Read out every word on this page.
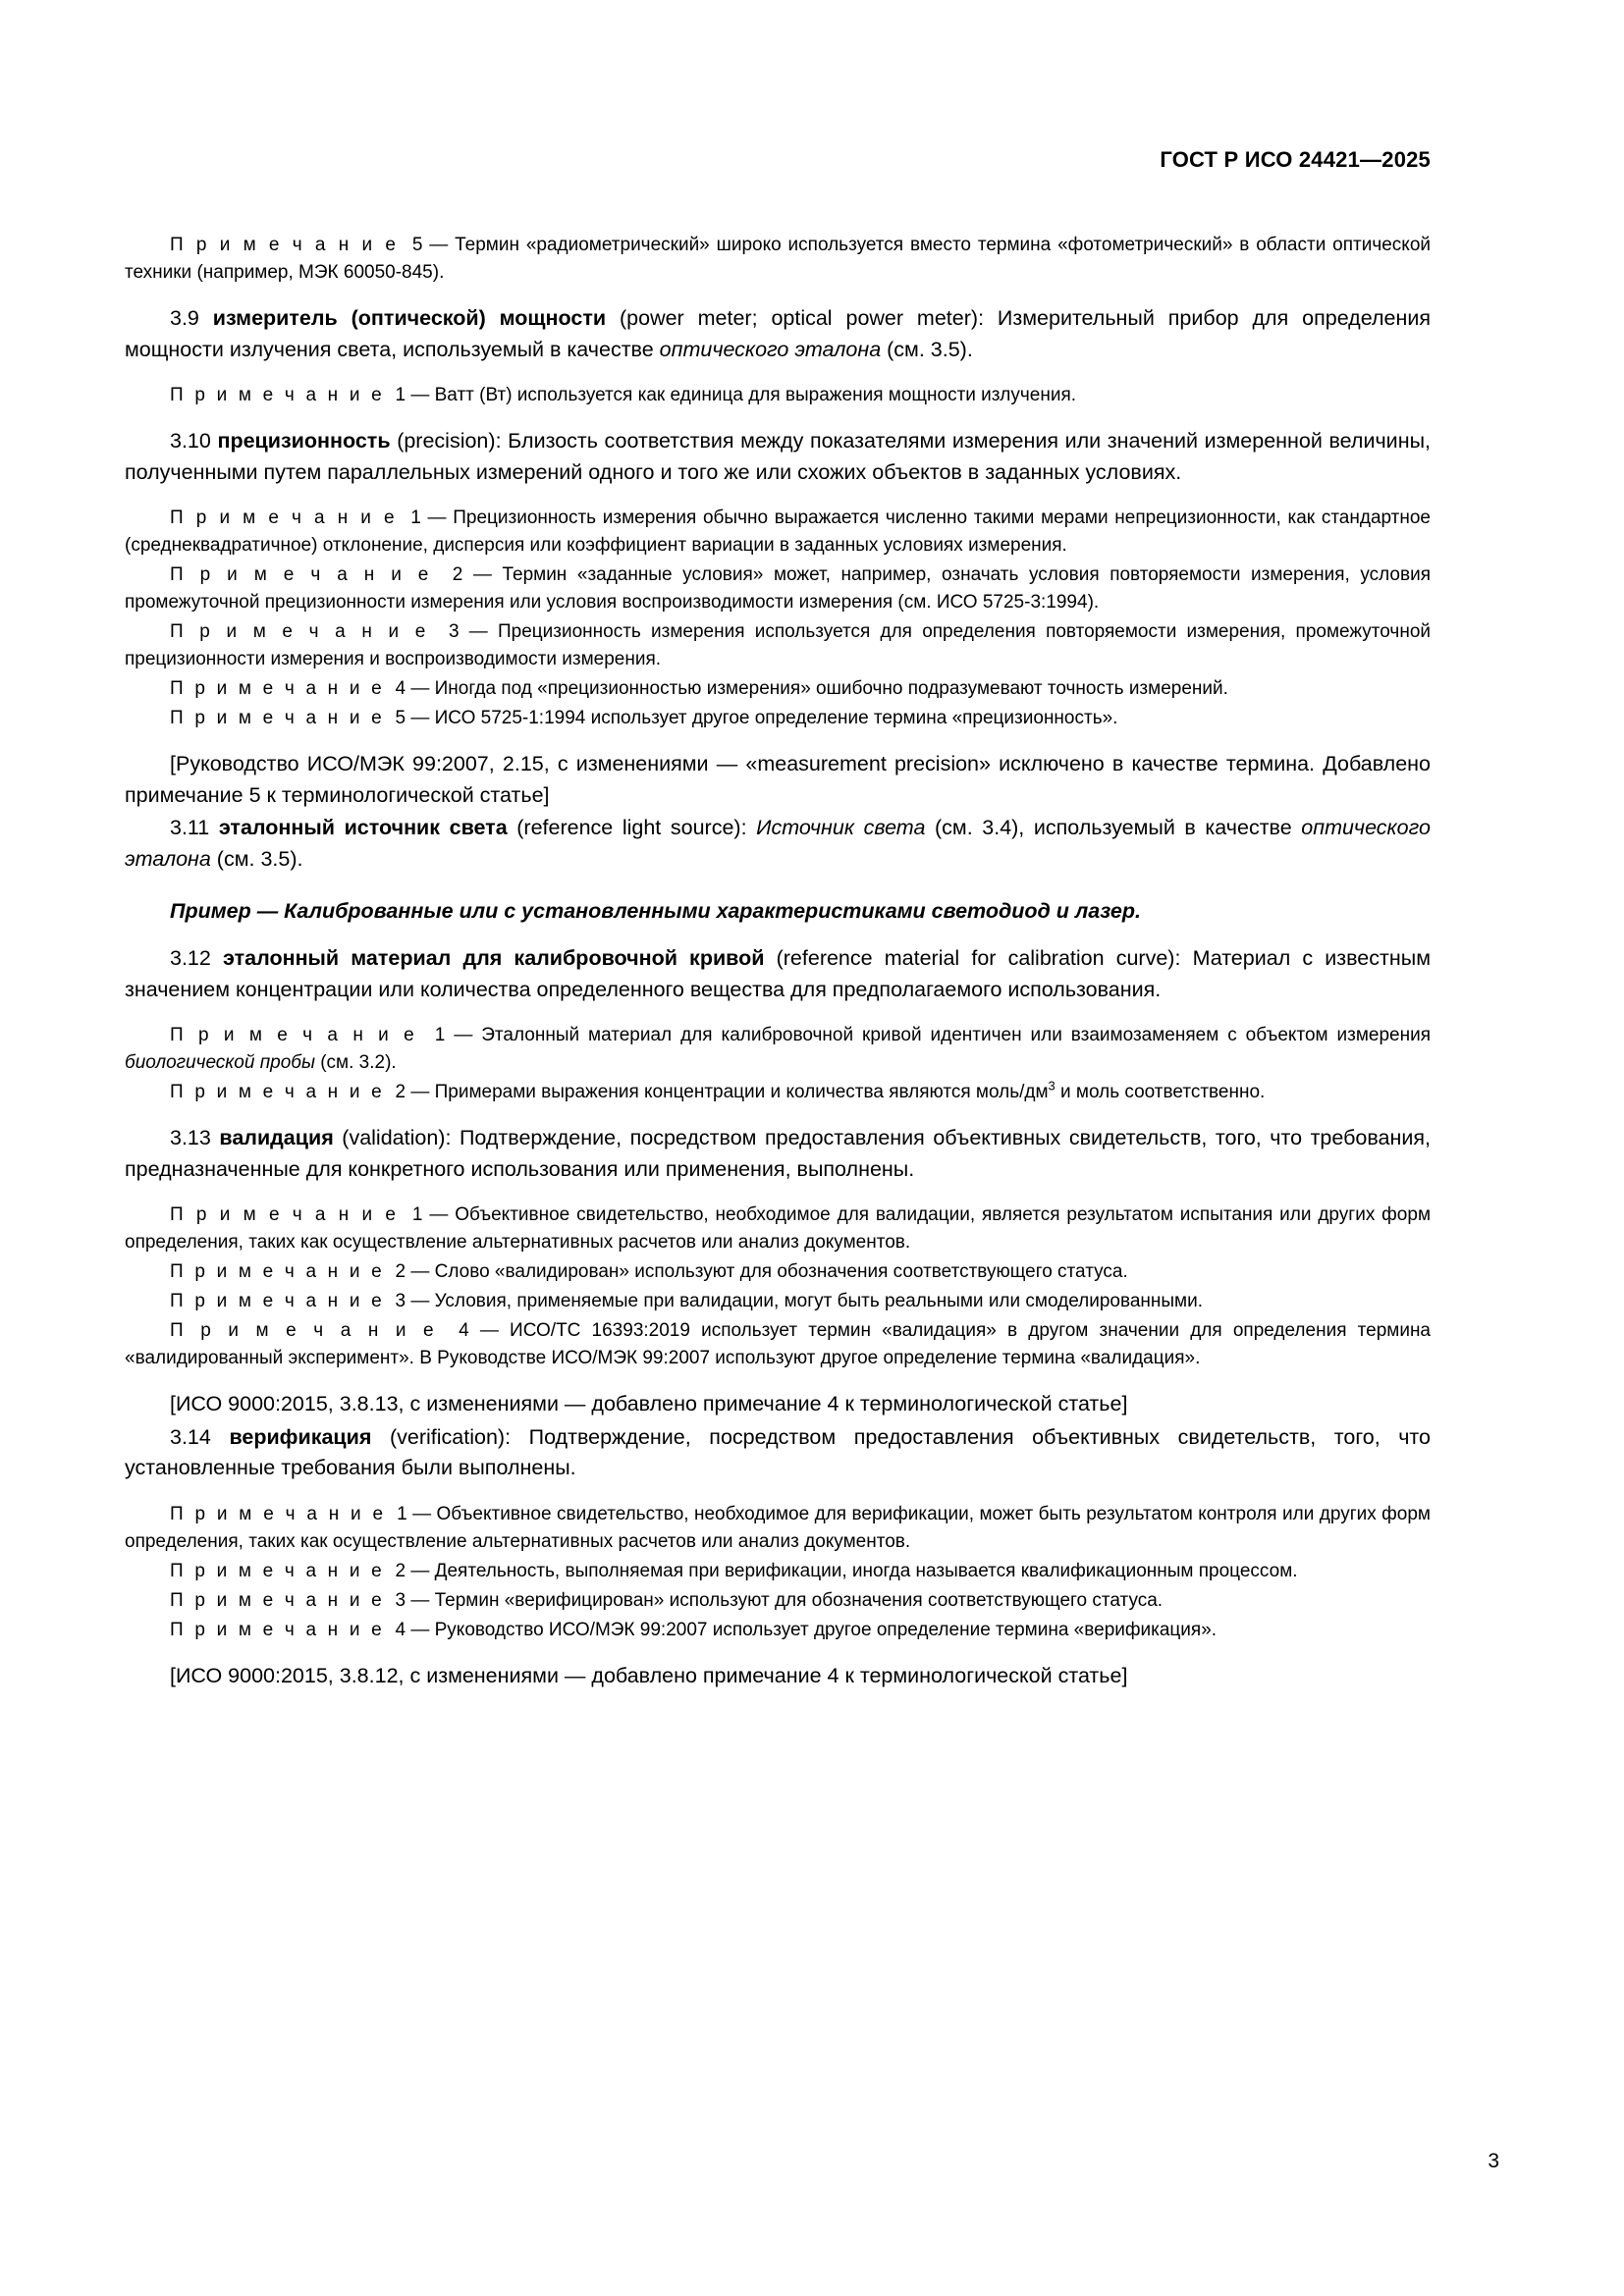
ГОСТ Р ИСО 24421—2025

П р и м е ч а н и е 5 — Термин «радиометрический» широко используется вместо термина «фотометрический» в области оптической техники (например, МЭК 60050-845).

3.9 измеритель (оптической) мощности (power meter; optical power meter): Измерительный прибор для определения мощности излучения света, используемый в качестве оптического эталона (см. 3.5).

П р и м е ч а н и е 1 — Ватт (Вт) используется как единица для выражения мощности излучения.

3.10 прецизионность (precision): Близость соответствия между показателями измерения или значений измеренной величины, полученными путем параллельных измерений одного и того же или схожих объектов в заданных условиях.

П р и м е ч а н и е 1 — Прецизионность измерения обычно выражается численно такими мерами непрецизионности, как стандартное (среднеквадратичное) отклонение, дисперсия или коэффициент вариации в заданных условиях измерения.

П р и м е ч а н и е 2 — Термин «заданные условия» может, например, означать условия повторяемости измерения, условия промежуточной прецизионности измерения или условия воспроизводимости измерения (см. ИСО 5725-3:1994).

П р и м е ч а н и е 3 — Прецизионность измерения используется для определения повторяемости измерения, промежуточной прецизионности измерения и воспроизводимости измерения.

П р и м е ч а н и е 4 — Иногда под «прецизионностью измерения» ошибочно подразумевают точность измерений.

П р и м е ч а н и е 5 — ИСО 5725-1:1994 использует другое определение термина «прецизионность».

[Руководство ИСО/МЭК 99:2007, 2.15, с изменениями — «measurement precision» исключено в качестве термина. Добавлено примечание 5 к терминологической статье]

3.11 эталонный источник света (reference light source): Источник света (см. 3.4), используемый в качестве оптического эталона (см. 3.5).

Пример — Калиброванные или с установленными характеристиками светодиод и лазер.

3.12 эталонный материал для калибровочной кривой (reference material for calibration curve): Материал с известным значением концентрации или количества определенного вещества для предполагаемого использования.

П р и м е ч а н и е 1 — Эталонный материал для калибровочной кривой идентичен или взаимозаменяем с объектом измерения биологической пробы (см. 3.2).

П р и м е ч а н и е 2 — Примерами выражения концентрации и количества являются моль/$дм^3$ и моль соответственно.

3.13 валидация (validation): Подтверждение, посредством предоставления объективных свидетельств, того, что требования, предназначенные для конкретного использования или применения, выполнены.

П р и м е ч а н и е 1 — Объективное свидетельство, необходимое для валидации, является результатом испытания или других форм определения, таких как осуществление альтернативных расчетов или анализ документов.

П р и м е ч а н и е 2 — Слово «валидирован» используют для обозначения соответствующего статуса.

П р и м е ч а н и е 3 — Условия, применяемые при валидации, могут быть реальными или смоделированными.

П р и м е ч а н и е 4 — ИСО/ТС 16393:2019 использует термин «валидация» в другом значении для определения термина «валидированный эксперимент». В Руководстве ИСО/МЭК 99:2007 используют другое определение термина «валидация».

[ИСО 9000:2015, 3.8.13, с изменениями — добавлено примечание 4 к терминологической статье]

3.14 верификация (verification): Подтверждение, посредством предоставления объективных свидетельств, того, что установленные требования были выполнены.

П р и м е ч а н и е 1 — Объективное свидетельство, необходимое для верификации, может быть результатом контроля или других форм определения, таких как осуществление альтернативных расчетов или анализ документов.

П р и м е ч а н и е 2 — Деятельность, выполняемая при верификации, иногда называется квалификационным процессом.

П р и м е ч а н и е 3 — Термин «верифицирован» используют для обозначения соответствующего статуса.

П р и м е ч а н и е 4 — Руководство ИСО/МЭК 99:2007 использует другое определение термина «верификация».

[ИСО 9000:2015, 3.8.12, с изменениями — добавлено примечание 4 к терминологической статье]

3
